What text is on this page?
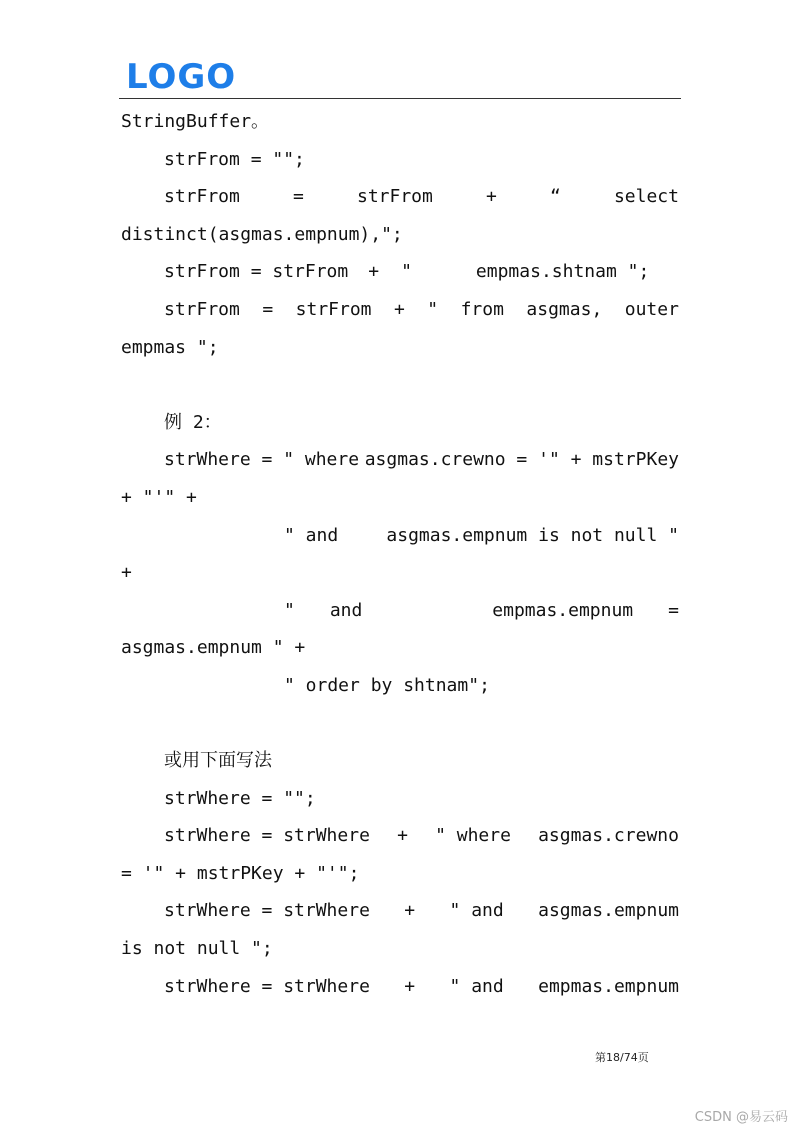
LOGO
StringBuffer。
strFrom = "";
strFrom	=	strFrom	+	“	select
distinct(asgmas.empnum),";
strFrom = strFrom + "	empmas.shtnam ";
strFrom = strFrom + " from asgmas, outer
empmas ";
例 2：
strWhere = " where asgmas.crewno = '" + mstrPKey
+ "'" +
" and	asgmas.empnum is not null "
+
" and	empmas.empnum =
asgmas.empnum " +
" order by shtnam";
或用下面写法
strWhere = "";
strWhere = strWhere + " where asgmas.crewno
= '" + mstrPKey + "'";
strWhere = strWhere + " and asgmas.empnum
is not null ";
strWhere = strWhere + " and empmas.empnum
第18/74页
CSDN @易云码
